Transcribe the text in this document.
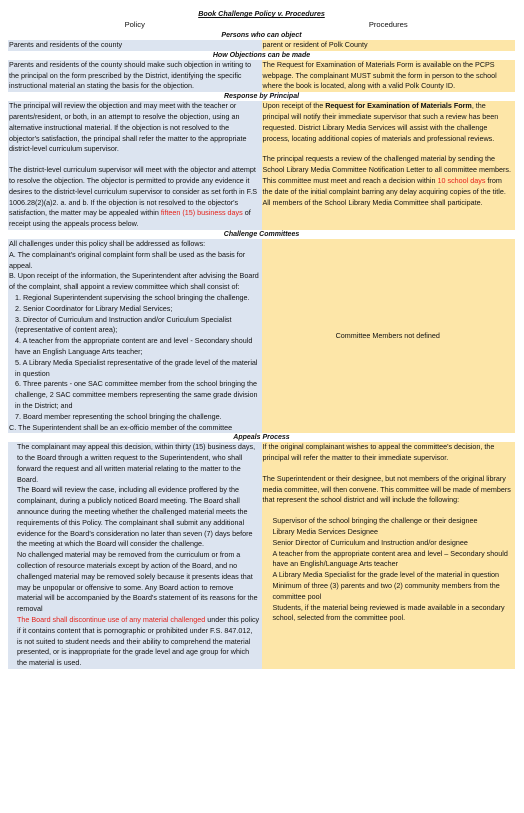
Book Challenge Policy v. Procedures
Policy	Procedures
Persons who can object

Parents and residents of the county	parent or resident of Polk County

How Objections can be made

Parents and residents of the county should make such objection in writing to the principal on the form prescribed by the District, identifying the specific instructional material an stating the basis for the objection.

The Request for Examination of Materials Form is available on the PCPS webpage. The complainant MUST submit the form in person to the school where the book is located, along with a valid Polk County ID.

Response by Principal

The principal will review the objection and may meet with the teacher or parents/resident, or both, in an attempt to resolve the objection, using an alternative instructional material. If the objection is not resolved to the objector's satisfaction, the principal shall refer the matter to the appropriate district-level curriculum supervisor.

The district-level curriculum supervisor will meet with the objector and attempt to resolve the objection. The objector is permitted to provide any evidence it desires to the district-level curriculum supervisor to consider as set forth in F.S 1006.28(2)(a)2. a. and b. If the objection is not resolved to the objector's satisfaction, the matter may be appealed within fifteen (15) business days of receipt using the appeals process below.

Upon receipt of the Request for Examination of Materials Form, the principal will notify their immediate supervisor that such a review has been requested. District Library Media Services will assist with the challenge process, locating additional copies of materials and professional reviews.

The principal requests a review of the challenged material by sending the School Library Media Committee Notification Letter to all committee members. This committee must meet and reach a decision within 10 school days from the date of the initial complaint barring any delay acquiring copies of the title. All members of the School Library Media Committee shall participate.

Challenge Committees

All challenges under this policy shall be addressed as follows:

A. The complainant's original complaint form shall be used as the basis for appeal.

B. Upon receipt of the information, the Superintendent after advising the Board of the complaint, shall appoint a review committee which shall consist of:

1. Regional Superintendent supervising the school bringing the challenge.

2. Senior Coordinator for Library Medial Services;

3. Director of Curriculum and Instruction and/or Curiculum Specialist (representative of content area);

4. A teacher from the appropriate content are and level - Secondary should have an English Language Arts teacher;

5. A Library Media Specialist representative of the grade level of the material in question

6. Three parents - one SAC committee member from the school bringing the challenge, 2 SAC committee members representing the same grade division in the District; and

7. Board member representing the school bringing the challenge.

C. The Superintendent shall be an ex-officio member of the committee

Committee Members not defined

Appeals Process

The complainant may appeal this decision, within thirty (15) business days, to the Board through a written request to the Superintendent, who shall forward the request and all written material relating to the matter to the Board.

The Board will review the case, including all evidence proffered by the complainant, during a publicly noticed Board meeting. The Board shall announce during the meeting whether the challenged material meets the requirements of this Policy. The complainant shall submit any additional evidence for the Board's consideration no later than seven (7) days before the meeting at which the Board will consider the challenge.

No challenged material may be removed from the curriculum or from a collection of resource materials except by action of the Board, and no challenged material may be removed solely because it presents ideas that may be unpopular or offensive to some. Any Board action to remove material will be accompanied by the Board's statement of its reasons for the removal

The Board shall discontinue use of any material challenged under this policy if it contains content that is pornographic or prohibited under F.S. 847.012, is not suited to student needs and their ability to comprehend the material presented, or is inappropriate for the grade level and age group for which the material is used.

If the original complainant wishes to appeal the committee's decision, the principal will refer the matter to their immediate supervisor.

The Superintendent or their designee, but not members of the original library media committee, will then convene. This committee will be made of members that represent the school district and will include the following:

Supervisor of the school bringing the challenge or their designee

Library Media Services Designee

Senior Director of Curriculum and Instruction and/or designee

A teacher from the appropriate content area and level – Secondary should have an English/Language Arts teacher

A Library Media Specialist for the grade level of the material in question

Minimum of three (3) parents and two (2) community members from the committee pool

Students, if the material being reviewed is made available in a secondary school, selected from the committee pool.
